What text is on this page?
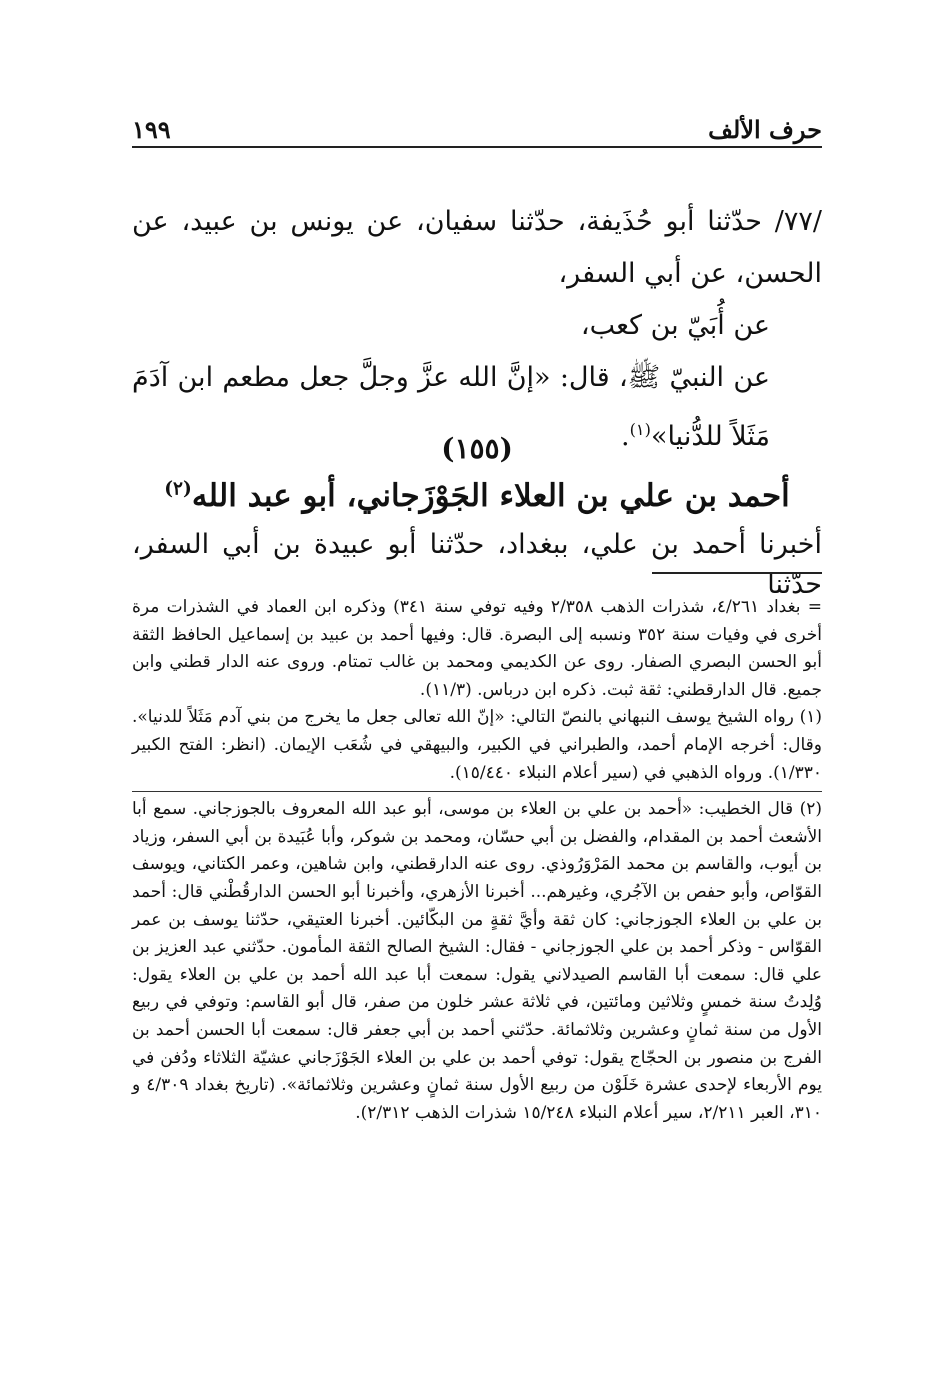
حرف الألف
١٩٩

/٧٧/ حدّثنا أبو حُذَيفة، حدّثنا سفيان، عن يونس بن عبيد، عن الحسن، عن أبي السفر،

عن أُبَيّ بن كعب،

عن النبيّ ﷺ، قال: «إنَّ الله عزَّ وجلَّ جعل مطعم ابن آدَمَ مَثَلاً للدُّنيا»$^{(١)}$.

(١٥٥)
أحمد بن علي بن العلاء الجَوْزَجاني، أبو عبد الله$^{(٢)}$
أخبرنا أحمد بن علي، ببغداد، حدّثنا أبو عبيدة بن أبي السفر، حدّثنا

= بغداد ٤/٢٦١، شذرات الذهب ٢/٣٥٨ وفيه توفي سنة ٣٤١) وذكره ابن العماد في الشذرات مرة أخرى في وفيات سنة ٣٥٢ ونسبه إلى البصرة. قال: وفيها أحمد بن عبيد بن إسماعيل الحافظ الثقة أبو الحسن البصري الصفار. روى عن الكديمي ومحمد بن غالب تمتام. وروى عنه الدار قطني وابن جميع. قال الدارقطني: ثقة ثبت. ذكره ابن درباس. (١١/٣).

(١) رواه الشيخ يوسف النبهاني بالنصّ التالي: «إنّ الله تعالى جعل ما يخرج من بني آدم مَثَلاً للدنيا». وقال: أخرجه الإمام أحمد، والطبراني في الكبير، والبيهقي في شُعَب الإيمان. (انظر: الفتح الكبير ١/٣٣٠). ورواه الذهبي في (سير أعلام النبلاء ١٥/٤٤٠).

(٢) قال الخطيب: «أحمد بن علي بن العلاء بن موسى، أبو عبد الله المعروف بالجوزجاني. سمع أبا الأشعث أحمد بن المقدام، والفضل بن أبي حسّان، ومحمد بن شوكر، وأبا عُبَيدة بن أبي السفر، وزياد بن أيوب، والقاسم بن محمد المَرْوَرُوذي. روى عنه الدارقطني، وابن شاهين، وعمر الكتاني، ويوسف القوّاص، وأبو حفص بن الآجُري، وغيرهم... أخبرنا الأزهري، وأخبرنا أبو الحسن الدارقُطْني قال: أحمد بن علي بن العلاء الجوزجاني: كان ثقة وأيَّ ثقةٍ من البكّائين. أخبرنا العتيقي، حدّثنا يوسف بن عمر القوّاس - وذكر أحمد بن علي الجوزجاني - فقال: الشيخ الصالح الثقة المأمون. حدّثني عبد العزيز بن علي قال: سمعت أبا القاسم الصيدلاني يقول: سمعت أبا عبد الله أحمد بن علي بن العلاء يقول: وُلِدتُ سنة خمسٍ وثلاثين ومائتين، في ثلاثة عشر خلون من صفر، قال أبو القاسم: وتوفي في ربيع الأول من سنة ثمانٍ وعشرين وثلاثمائة. حدّثني أحمد بن أبي جعفر قال: سمعت أبا الحسن أحمد بن الفرج بن منصور بن الحجّاج يقول: توفي أحمد بن علي بن العلاء الجَوْزَجاني عشيّة الثلاثاء ودُفن في يوم الأربعاء لإحدى عشرة خَلَوْن من ربيع الأول سنة ثمانٍ وعشرين وثلاثمائة». (تاريخ بغداد ٤/٣٠٩ و ٣١٠، العبر ٢/٢١١، سير أعلام النبلاء ١٥/٢٤٨ شذرات الذهب ٢/٣١٢).
